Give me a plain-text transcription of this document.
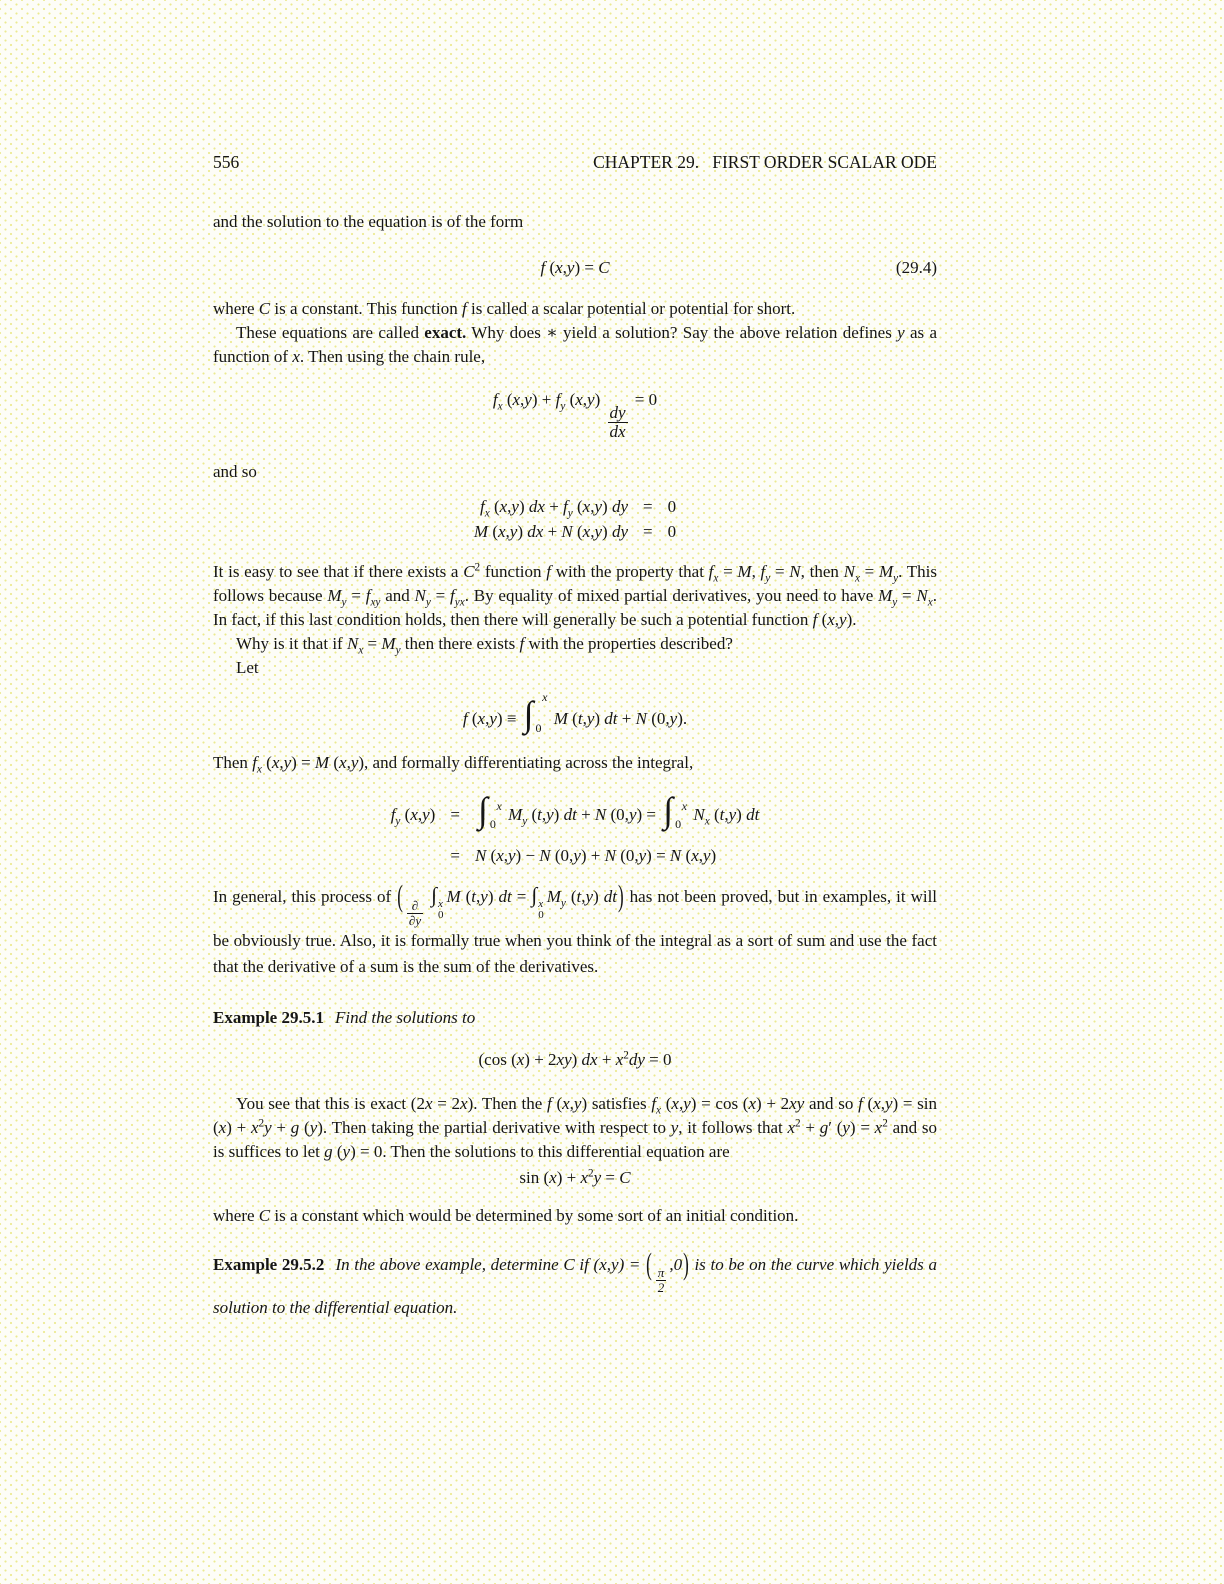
556	CHAPTER 29.   FIRST ORDER SCALAR ODE

and the solution to the equation is of the form

f (x,y) = C	(29.4)

where C is a constant. This function f is called a scalar potential or potential for short.

These equations are called exact. Why does ∗ yield a solution? Say the above relation defines y as a function of x. Then using the chain rule,

$f_x$ $(x,y) + f_y$ (x,y)
$\frac{dy}{dx}$
= 0

and so

$f_x$ (x,y) dx + $f_y$ (x,y) dy	=	0
M (x,y) dx + N (x,y) dy	=	0

It is easy to see that if there exists a $C^2$ function f with the property that $f_x = M$, $f_y = N$, then $N_x = M_y$. This follows because $M_y = f_{xy}$ and $N_y = f_{yx}$. By equality of mixed partial derivatives, you need to have $M_y = N_x$. In fact, if this last condition holds, then there will generally be such a potential function f (x,y).

Why is it that if $N_x = M_y$ then there exists f with the properties described?

Let

f (x,y) ≡ ∫ x
0 M (t,y) dt + N (0,y).

Then $f_x$ (x,y) = M (x,y), and formally differentiating across the integral,

$f_y$ (x,y)	=	∫ x
0 $M_y$ (t,y) dt + N (0,y) = ∫ x
0 $N_x$ (t,y) dt
	=	N (x,y) − N (0,y) + N (0,y) = N (x,y)

In general, this process of ( $\frac{\partial}{\partial y}$
∫ x
0
M (t,y) dt = ∫ x
0
$M_y$ (t,y) dt) has not been proved, but in examples, it will be obviously true. Also, it is formally true when you think of the integral as a sort of sum and use the fact that the derivative of a sum is the sum of the derivatives.

Example 29.5.1 Find the solutions to

(cos (x) + 2xy) dx + $x^2dy = 0$

You see that this is exact (2x = 2x). Then the f (x,y) satisfies $f_x$ (x,y) = cos (x) + 2xy and so f $(x,y) = \sin (x) + x^2y + g$ (y). Then taking the partial derivative with respect to y, it follows that $x^2 + g'$ $(y) = x^2$ and so is suffices to let g (y) = 0. Then the solutions to this differential equation are

$\sin (x) + x^2y = C$

where C is a constant which would be determined by some sort of an initial condition.

Example 29.5.2 In the above example, determine C if (x,y) = ( $\frac{\pi}{2}$
,0) is to be on the curve which yields a solution to the differential equation.
